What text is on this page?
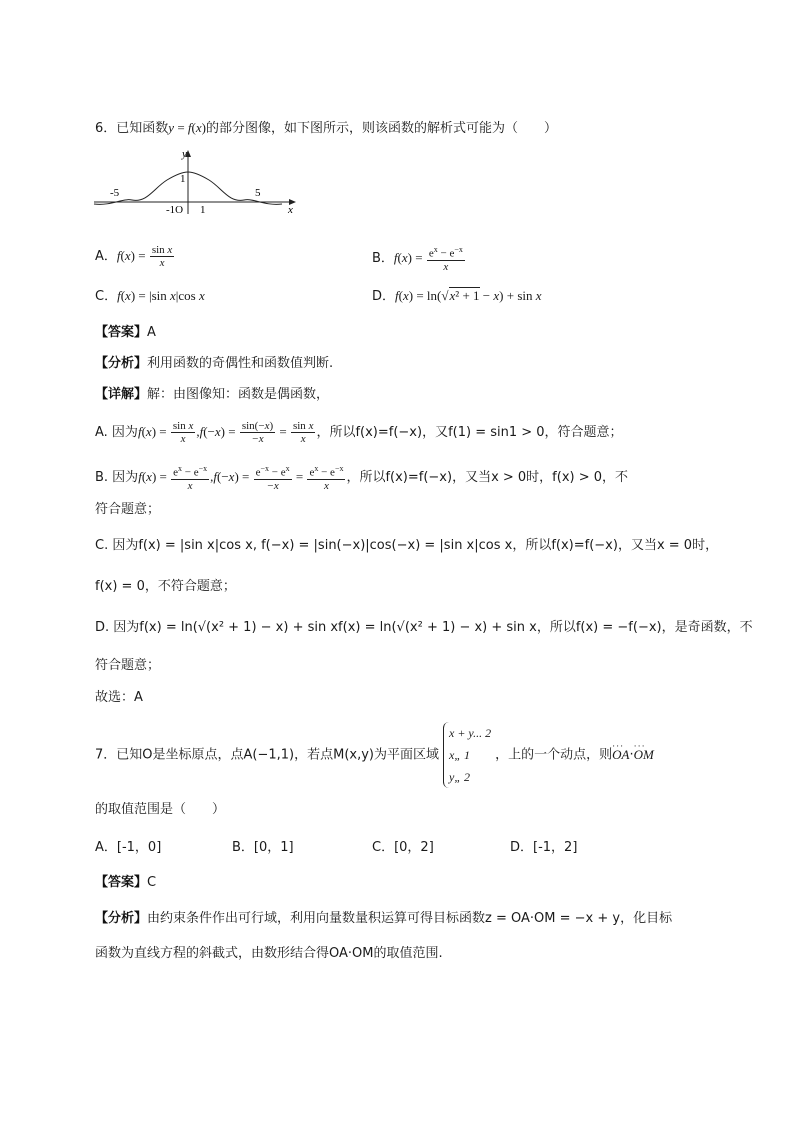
6．已知函数y = f(x)的部分图像，如下图所示，则该函数的解析式可能为（　　）
y
x
1
-5
-1O 1
5
A．$f(x) = \frac{\text{sin x}}{x}$	B．$f(x) = \frac{e^x - e^{-x}}{x}$
C．f(x) = |sin x|cos x	D．f(x) = ln(√x² + 1 − x) + sin x
【答案】A
【分析】利用函数的奇偶性和函数值判断.
【详解】解：由图像知：函数是偶函数，
A. 因为$f(x) = \frac{\text{sin x}}{x} ,f(-x) = \frac{\sin(-x)}{-x} = \frac{\text{sin x}}{x}$ ，所以f(x)=f(−x)，又f(1) = sin1 > 0，符合题意；
B. 因为$f(x) = \frac{e^x - e^{-x}}{x} ,f(-x) = \frac{e^{-x} - e^x}{-x} = \frac{e^x - e^{-x}}{x}$ ，所以f(x)=f(−x)，又当x > 0时，f(x) > 0，不
符合题意；
C. 因为f(x) = |sin x|cos x, f(−x) = |sin(−x)|cos(−x) = |sin x|cos x，所以f(x)=f(−x)，又当x = 0时，
f(x) = 0，不符合题意；
D. 因为f(x) = ln(√(x² + 1) − x) + sin xf(x) = ln(√(x² + 1) − x) + sin x，所以f(x) = −f(−x)，是奇函数，不
符合题意；
故选：A
7．已知O是坐标原点，点A(−1,1)，若点M(x,y)为平面区域
x + y... 2
x„ 1
y„ 2
，上的一个动点，则··· OA···· OM
的取值范围是（　　）
A．[-1，0]	B．[0，1]	C．[0，2]	D．[-1，2]
【答案】C
【分析】由约束条件作出可行域，利用向量数量积运算可得目标函数z = OA·OM = −x + y，化目标
函数为直线方程的斜截式，由数形结合得OA·OM的取值范围.
